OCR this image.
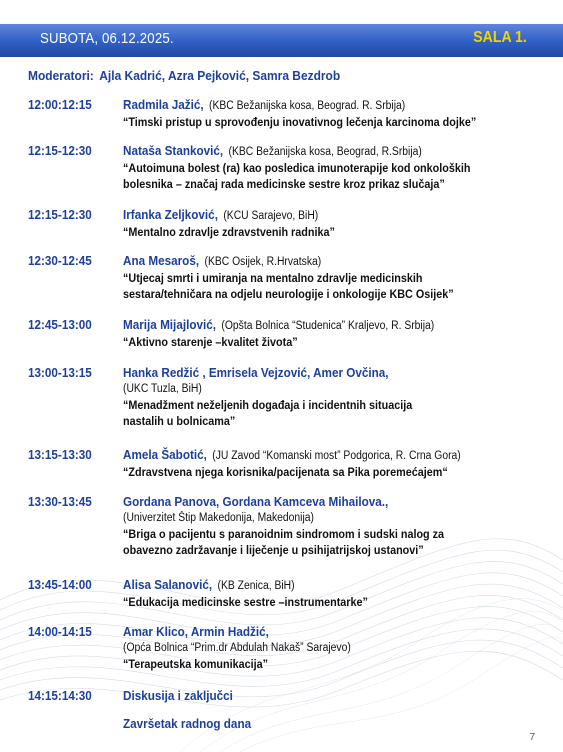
SUBOTA, 06.12.2025.	SALA 1.
Moderatori: Ajla Kadrić, Azra Pejković, Samra Bezdrob
12:00:12:15	Radmila Jažić, (KBC Bežanijska kosa, Beograd. R. Srbija)
“Timski pristup u sprovođenju inovativnog lečenja karcinoma dojke”
12:15-12:30	Nataša Stanković, (KBC Bežanijska kosa, Beograd, R.Srbija)
“Autoimuna bolest (ra) kao posledica imunoterapije kod onkoloških
bolesnika – značaj rada medicinske sestre kroz prikaz slučaja”
12:15-12:30	Irfanka Zeljković, (KCU Sarajevo, BiH)
“Mentalno zdravlje zdravstvenih radnika”
12:30-12:45	Ana Mesaroš, (KBC Osijek, R.Hrvatska)
“Utjecaj smrti i umiranja na mentalno zdravlje medicinskih
sestara/tehničara na odjelu neurologije i onkologije KBC Osijek”
12:45-13:00	Marija Mijajlović, (Opšta Bolnica “Studenica” Kraljevo, R. Srbija)
“Aktivno starenje –kvalitet života”
13:00-13:15	Hanka Redžić , Emrisela Vejzović, Amer Ovčina,
(UKC Tuzla, BiH)
“Menadžment neželjenih događaja i incidentnih situacija
nastalih u bolnicama”
13:15-13:30	Amela Šabotić, (JU Zavod “Komanski most” Podgorica, R. Crna Gora)
“Zdravstvena njega korisnika/pacijenata sa Pika poremećajem“
13:30-13:45	Gordana Panova, Gordana Kamceva Mihailova.,
(Univerzitet Štip Makedonija, Makedonija)
“Briga o pacijentu s paranoidnim sindromom i sudski nalog za
obavezno zadržavanje i liječenje u psihijatrijskoj ustanovi”
13:45-14:00	Alisa Salanović, (KB Zenica, BiH)
“Edukacija medicinske sestre –instrumentarke”
14:00-14:15	Amar Klico, Armin Hadžić,
(Opća Bolnica “Prim.dr Abdulah Nakaš” Sarajevo)
“Terapeutska komunikacija”
14:15:14:30	Diskusija i zaključci
Završetak radnog dana
7
